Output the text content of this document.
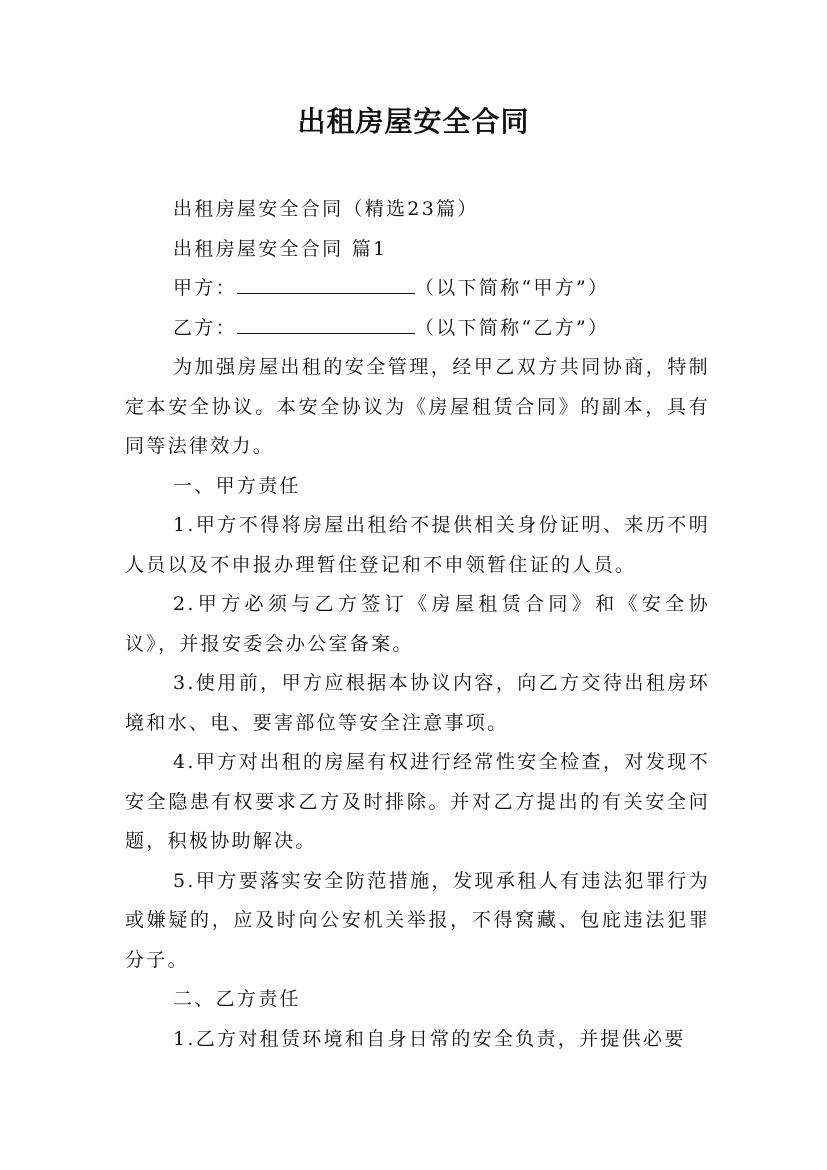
出租房屋安全合同

出租房屋安全合同（精选23篇）

出租房屋安全合同 篇1

甲方：	（以下简称“甲方”）

乙方：	（以下简称“乙方”）

为加强房屋出租的安全管理，经甲乙双方共同协商，特制定本安全协议。本安全协议为《房屋租赁合同》的副本，具有同等法律效力。

一、甲方责任

1.甲方不得将房屋出租给不提供相关身份证明、来历不明人员以及不申报办理暂住登记和不申领暂住证的人员。

2.甲方必须与乙方签订《房屋租赁合同》和《安全协议》，并报安委会办公室备案。

3.使用前，甲方应根据本协议内容，向乙方交待出租房环境和水、电、要害部位等安全注意事项。

4.甲方对出租的房屋有权进行经常性安全检查，对发现不安全隐患有权要求乙方及时排除。并对乙方提出的有关安全问题，积极协助解决。

5.甲方要落实安全防范措施，发现承租人有违法犯罪行为或嫌疑的，应及时向公安机关举报，不得窝藏、包庇违法犯罪分子。

二、乙方责任

1.乙方对租赁环境和自身日常的安全负责，并提供必要
